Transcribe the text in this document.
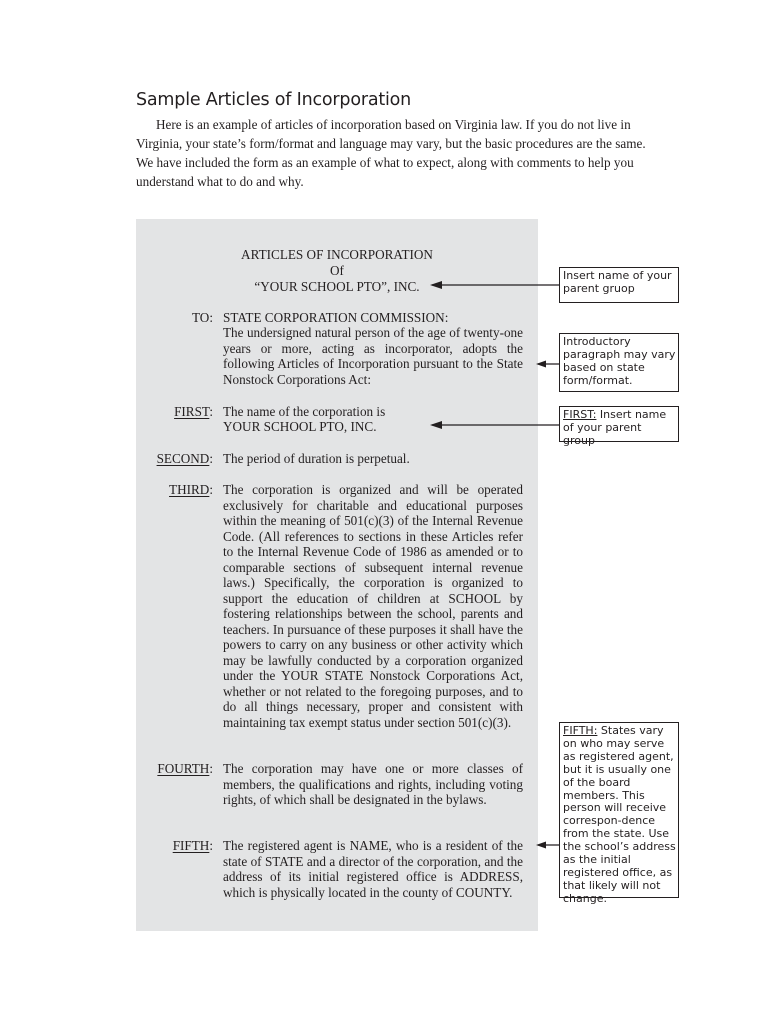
Sample Articles of Incorporation
Here is an example of articles of incorporation based on Virginia law. If you do not live in Virginia, your state’s form/format and language may vary, but the basic procedures are the same. We have included the form as an example of what to expect, along with comments to help you understand what to do and why.
ARTICLES OF INCORPORATION
Of
“YOUR SCHOOL PTO”, INC.
TO: STATE CORPORATION COMMISSION:
The undersigned natural person of the age of twenty-one years or more, acting as incorporator, adopts the following Articles of Incorporation pursuant to the State Nonstock Corporations Act:
FIRST: The name of the corporation is
YOUR SCHOOL PTO, INC.
SECOND: The period of duration is perpetual.
THIRD: The corporation is organized and will be operated exclusively for charitable and educational purposes within the meaning of 501(c)(3) of the Internal Revenue Code. (All references to sections in these Articles refer to the Internal Revenue Code of 1986 as amended or to comparable sections of subsequent internal revenue laws.) Specifically, the corporation is organized to support the education of children at SCHOOL by fostering relationships between the school, parents and teachers. In pursuance of these purposes it shall have the powers to carry on any business or other activity which may be lawfully conducted by a corporation organized under the YOUR STATE Nonstock Corporations Act, whether or not related to the foregoing purposes, and to do all things necessary, proper and consistent with maintaining tax exempt status under section 501(c)(3).
FOURTH: The corporation may have one or more classes of members, the qualifications and rights, including voting rights, of which shall be designated in the bylaws.
FIFTH: The registered agent is NAME, who is a resident of the state of STATE and a director of the corporation, and the address of its initial registered office is ADDRESS, which is physically located in the county of COUNTY.
Insert name of your parent gruop
Introductory paragraph may vary based on state form/format.
FIRST: Insert name of your parent group
FIFTH: States vary on who may serve as registered agent, but it is usually one of the board members. This person will receive correspon-dence from the state. Use the school’s address as the initial registered office, as that likely will not change.
